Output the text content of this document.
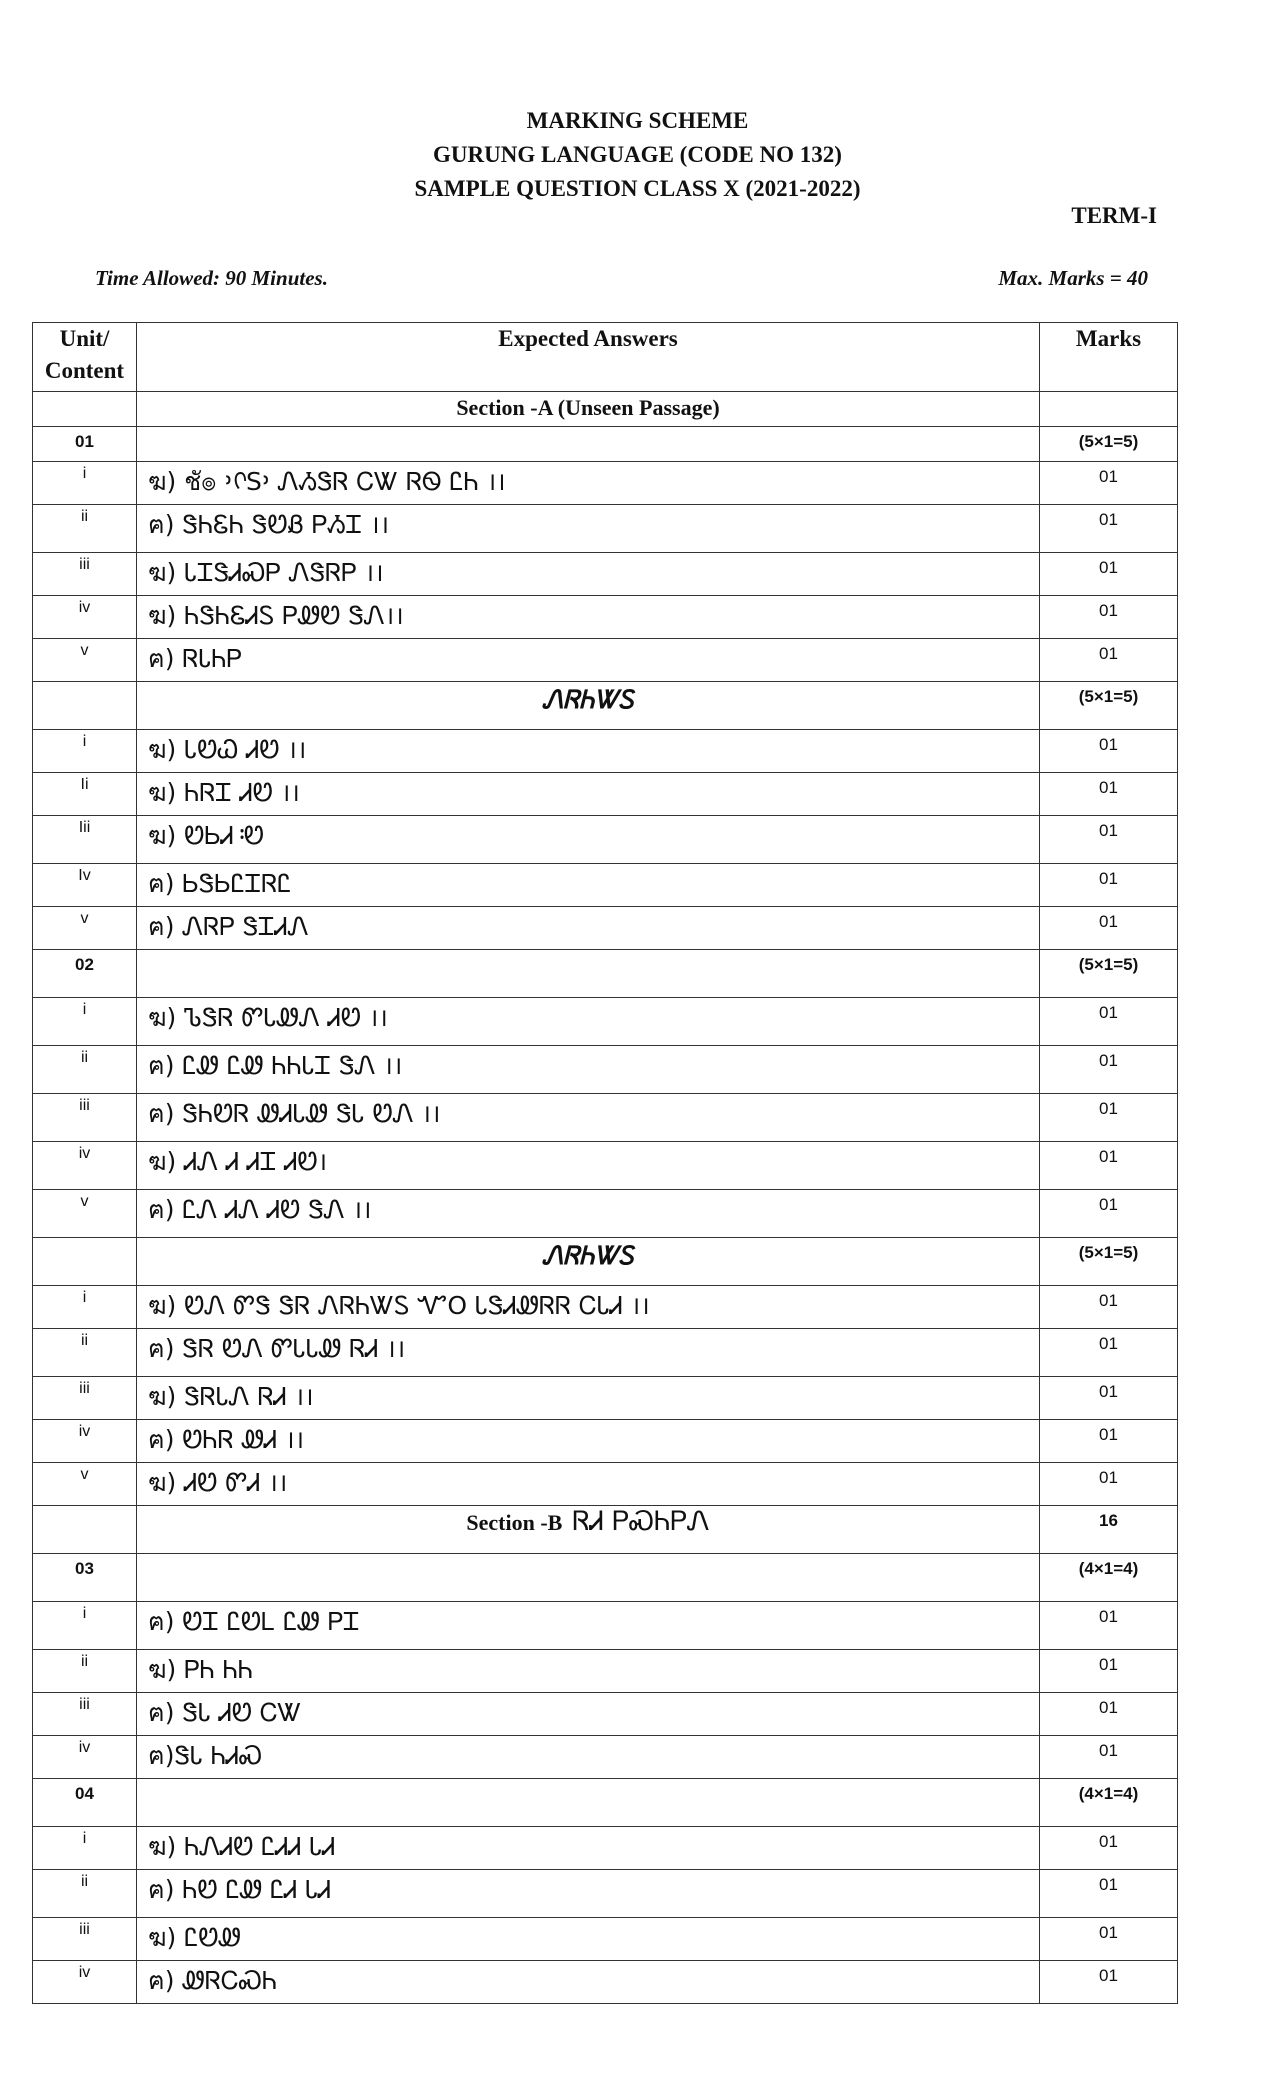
MARKING SCHEME
GURUNG LANGUAGE (CODE NO 132)
SAMPLE QUESTION CLASS X (2021-2022)
TERM-I
Time Allowed: 90 Minutes.	Max. Marks = 40
Unit/ Content	Expected Answers	Marks
	Section -A (Unseen Passage)	
01		(5×1=5)
i	ฆ) ชั๏ ᠈ᢉS᠈ ᏁᏱᏕᏒ ᏟᏔ ᏒᏫ ᏝᏂ ।।	01
ii	ฅ) ᏕᏂᏋᏂ ᏕᏬᏰ ᏢᏱᏆ ।।	01
iii	ฆ) ᏓᏆᏕᏗᏍᏢ ᏁᏕᏒᏢ ।।	01
iv	ฆ) ᏂᏕᏂᏋᏗᏚ ᏢᏪᏬ ᏕᏁ।।	01
v	ฅ) ᏒᏓᏂᏢ	01
	ᏁᏒᏂᏔᏚ	(5×1=5)
i	ฆ) ᏓᏬᏇ ᏗᏬ ।।	01
Ii	ฆ) ᏂᏒᏆ ᏗᏬ ।।	01
Iii	ฆ) ᏬᏏᏗ᠄Ꮼ	01
Iv	ฅ) ᏏᏕᏏᏝᏆᏒᏝ	01
v	ฅ) ᏁᏒᏢ ᏕᏆᏗᏁ	01
02		(5×1=5)
i	ฆ) ᏖᏕᏒ ᏛᏓᏪᏁ ᏗᏬ ।।	01
ii	ฅ) ᏝᏪ ᏝᏪ ᏂᏂᏓᏆ ᏕᏁ ।।	01
iii	ฅ) ᏕᏂᏬᏒ ᏪᏗᏓᏪ ᏕᏓ ᏬᏁ ।।	01
iv	ฆ) ᏗᏁ Ꮧ ᏗᏆ ᏗᏬ।	01
v	ฅ) ᏝᏁ ᏗᏁ ᏗᏬ ᏕᏁ ।।	01
	ᏁᏒᏂᏔᏚ	(5×1=5)
i	ฆ) ᏬᏁ ᏛᏕ ᏕᏒ ᏁᏒᏂᏔᏚ ᏉO ᏓᏕᏗᏪᏒᏒ ᏟᏓᏗ ।।	01
ii	ฅ) ᏕᏒ ᏬᏁ ᏛᏓᏓᏪ ᏒᏗ ।।	01
iii	ฆ) ᏕᏒᏓᏁ ᏒᏗ ।।	01
iv	ฅ) ᏬᏂᏒ ᏪᏗ ।।	01
v	ฆ) ᏗᏬ ᏛᏗ ।।	01
	Section -B ᏒᏗ ᏢᏍᏂᏢᏁ	16
03		(4×1=4)
i	ฅ) ᏬᏆ ᏝᏬᏞ ᏝᏪ ᏢᏆ	01
ii	ฆ) ᏢᏂ ᏂᏂ	01
iii	ฅ) ᏕᏓ ᏗᏬ ᏟᏔ	01
iv	ฅ)ᏕᏓ ᏂᏗᏍ	01
04		(4×1=4)
i	ฆ) ᏂᏁᏗᏬ ᏝᏗᏗ ᏓᏗ	01
ii	ฅ) ᏂᏬ ᏝᏪ ᏝᏗ ᏓᏗ	01
iii	ฆ) ᏝᏬᏪ	01
iv	ฅ) ᏪᏒᏟᏍᏂ	01
